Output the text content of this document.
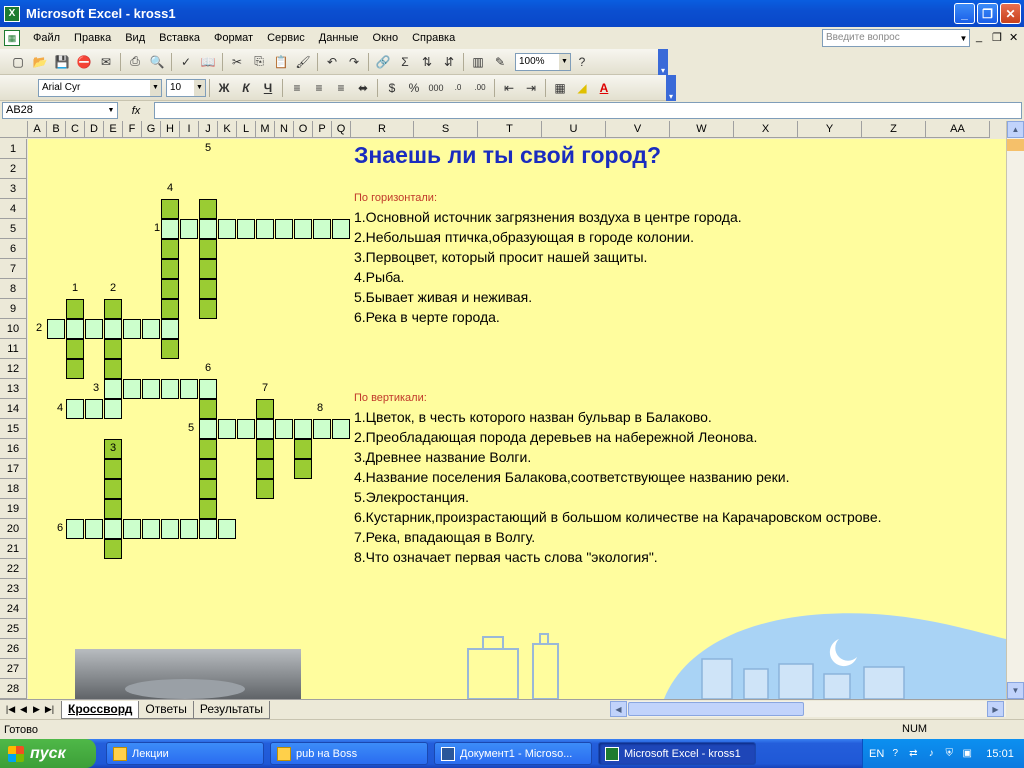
X Microsoft Excel - kross1	_	❐	✕
▦	Файл	Правка	Вид	Вставка	Формат	Сервис	Данные	Окно	Справка	Введите вопрос	▼ _ ❐ ✕
▢ 📂 💾 ⛔ ✉	⎙ 🔍	✓ 📖	✂	⎘ 📋 🖌	↶ ↷	🔗 Σ	⇅ ⇵	▥ ✎	100% ▼ ?
▾
Arial Cyr	▼	10 ▼	Ж	К	Ч	≡	≡	≡	⬌	$	%	000	.0	.00	⇤ ⇥	▦ ◢	A
▾
AB28	▼	fx
A	B	C	D	E	F	G H	I	J	K	L	M N O	P	Q	R	S	T	U	V	W	X	Y	Z	AA
1
2
3
4
5
6
7
8
9
10
11
12
13
14
15
16
17
18
19
20
21
22
23
24
25
26
27
28
5
4
1
1	2
2
6
3	7
4	8
5
3
6
Знаешь ли ты свой город?
По горизонтали:
1.Основной источник загрязнения воздуха в центре города.
2.Небольшая птичка,образующая в городе колонии.
3.Первоцвет, который просит нашей защиты.
4.Рыба.
5.Бывает живая и неживая.
6.Река в черте города.
По вертикали:
1.Цветок, в честь которого назван бульвар в Балаково.
2.Преобладающая порода деревьев на набережной Леонова.
3.Древнее название Волги.
4.Название поселения Балакова,соответствующее названию реки.
5.Элекростанция.
6.Кустарник,произрастающий в большом количестве на Карачаровском острове.
7.Река, впадающая в Волгу.
8.Что означает первая часть слова "экология".
▲
▼
|◀ ◀ ▶ ▶|	Кроссворд	Ответы	Результаты	◀	▶
Готово	NUM
пуск	Лекции	pub на Boss	Документ1 - Microso...	Microsoft Excel - kross1	EN ?	⇄	♪	⛨ ▣ 15:01
